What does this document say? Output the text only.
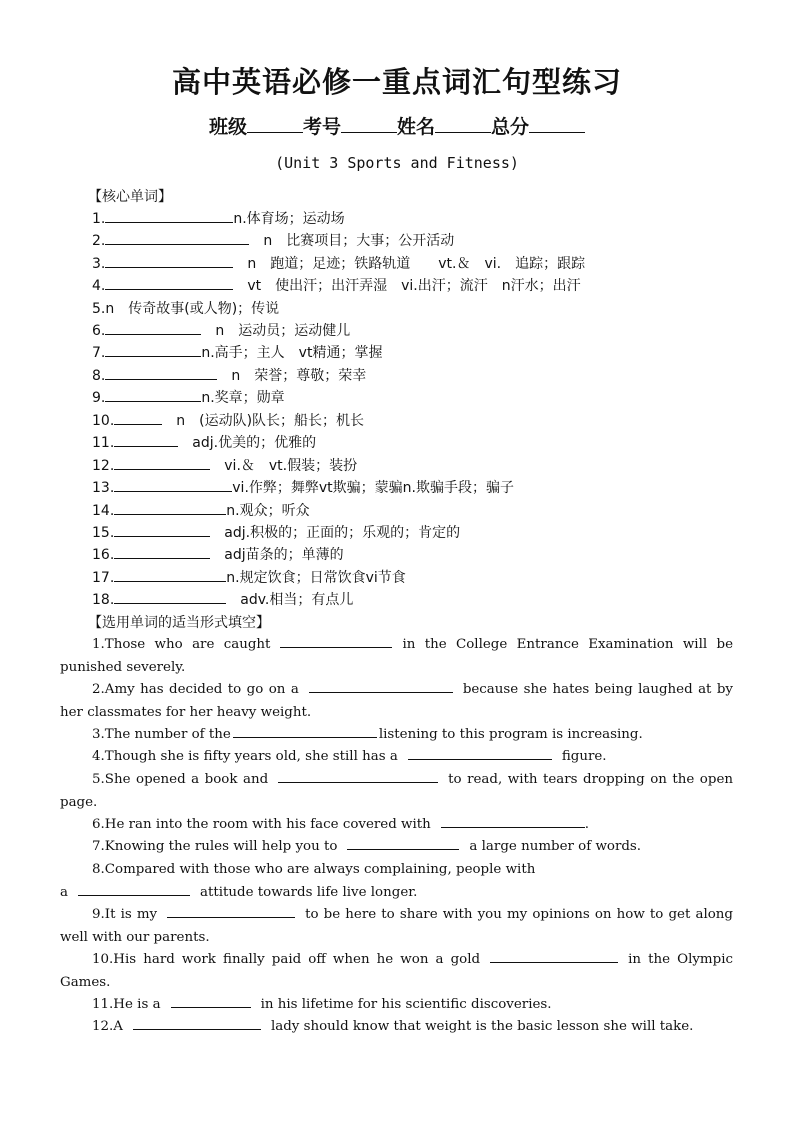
高中英语必修一重点词汇句型练习
班级	考号	姓名	总分
(Unit 3 Sports and Fitness)
【核心单词】
1.	n.体育场；运动场
2.	n　比赛项目；大事；公开活动
3.	n　跑道；足迹；铁路轨道　　vt.＆　vi.　追踪；跟踪
4.	vt　使出汗；出汗弄湿　vi.出汗；流汗　n汗水；出汗
5.n　传奇故事(或人物)；传说
6.	n　运动员；运动健儿
7.	n.高手；主人　vt精通；掌握
8.	n　荣誉；尊敬；荣幸
9.	n.奖章；勋章
10.	n　(运动队)队长；船长；机长
11.	adj.优美的；优雅的
12.	vi.＆　vt.假装；装扮
13.	vi.作弊；舞弊vt欺骗；蒙骗n.欺骗手段；骗子
14.	n.观众；听众
15.	adj.积极的；正面的；乐观的；肯定的
16.	adj苗条的；单薄的
17.	n.规定饮食；日常饮食vi节食
18.	adv.相当；有点儿
【选用单词的适当形式填空】
1.Those who are caught	in the College Entrance Examination will be punished severely.
2.Amy has decided to go on a	because she hates being laughed at by her classmates for her heavy weight.
3.The number of the	listening to this program is increasing.
4.Though she is fifty years old, she still has a	figure.
5.She opened a book and	to read, with tears dropping on the open page.
6.He ran into the room with his face covered with	.
7.Knowing the rules will help you to	a large number of words.
8.Compared with those who are always complaining, people with
a	attitude towards life live longer.
9.It is my	to be here to share with you my opinions on how to get along well with our parents.
10.His hard work finally paid off when he won a gold	in the Olympic Games.
11.He is a	in his lifetime for his scientific discoveries.
12.A	lady should know that weight is the basic lesson she will take.
